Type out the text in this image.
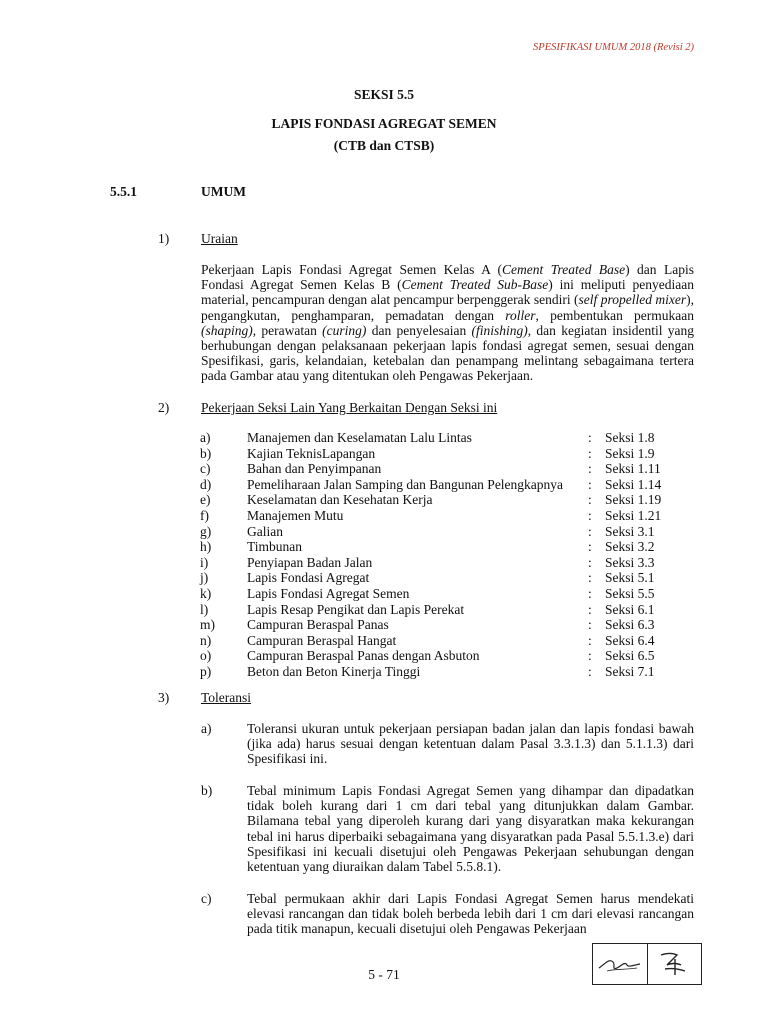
SPESIFIKASI UMUM 2018 (Revisi 2)
SEKSI 5.5
LAPIS FONDASI AGREGAT SEMEN
(CTB dan CTSB)
5.5.1	UMUM
1) Uraian
Pekerjaan Lapis Fondasi Agregat Semen Kelas A (Cement Treated Base) dan Lapis Fondasi Agregat Semen Kelas B (Cement Treated Sub-Base) ini meliputi penyediaan material, pencampuran dengan alat pencampur berpenggerak sendiri (self propelled mixer), pengangkutan, penghamparan, pemadatan dengan roller, pembentukan permukaan (shaping), perawatan (curing) dan penyelesaian (finishing), dan kegiatan insidentil yang berhubungan dengan pelaksanaan pekerjaan lapis fondasi agregat semen, sesuai dengan Spesifikasi, garis, kelandaian, ketebalan dan penampang melintang sebagaimana tertera pada Gambar atau yang ditentukan oleh Pengawas Pekerjaan.
2) Pekerjaan Seksi Lain Yang Berkaitan Dengan Seksi ini
a)	Manajemen dan Keselamatan Lalu Lintas	: Seksi 1.8
b)	Kajian TeknisLapangan	: Seksi 1.9
c)	Bahan dan Penyimpanan	: Seksi 1.11
d)	Pemeliharaan Jalan Samping dan Bangunan Pelengkapnya : Seksi 1.14
e)	Keselamatan dan Kesehatan Kerja	: Seksi 1.19
f)	Manajemen Mutu	: Seksi 1.21
g)	Galian	: Seksi 3.1
h)	Timbunan	: Seksi 3.2
i)	Penyiapan Badan Jalan	: Seksi 3.3
j)	Lapis Fondasi Agregat	: Seksi 5.1
k)	Lapis Fondasi Agregat Semen	: Seksi 5.5
l)	Lapis Resap Pengikat dan Lapis Perekat	: Seksi 6.1
m) Campuran Beraspal Panas	: Seksi 6.3
n)	Campuran Beraspal Hangat	: Seksi 6.4
o)	Campuran Beraspal Panas dengan Asbuton	: Seksi 6.5
p)	Beton dan Beton Kinerja Tinggi	: Seksi 7.1
3) Toleransi
a)	Toleransi ukuran untuk pekerjaan persiapan badan jalan dan lapis fondasi bawah (jika ada) harus sesuai dengan ketentuan dalam Pasal 3.3.1.3) dan 5.1.1.3) dari Spesifikasi ini.
b)	Tebal minimum Lapis Fondasi Agregat Semen yang dihampar dan dipadatkan tidak boleh kurang dari 1 cm dari tebal yang ditunjukkan dalam Gambar. Bilamana tebal yang diperoleh kurang dari yang disyaratkan maka kekurangan tebal ini harus diperbaiki sebagaimana yang disyaratkan pada Pasal 5.5.1.3.e) dari Spesifikasi ini kecuali disetujui oleh Pengawas Pekerjaan sehubungan dengan ketentuan yang diuraikan dalam Tabel 5.5.8.1).
c)	Tebal permukaan akhir dari Lapis Fondasi Agregat Semen harus mendekati elevasi rancangan dan tidak boleh berbeda lebih dari 1 cm dari elevasi rancangan pada titik manapun, kecuali disetujui oleh Pengawas Pekerjaan
5 - 71
